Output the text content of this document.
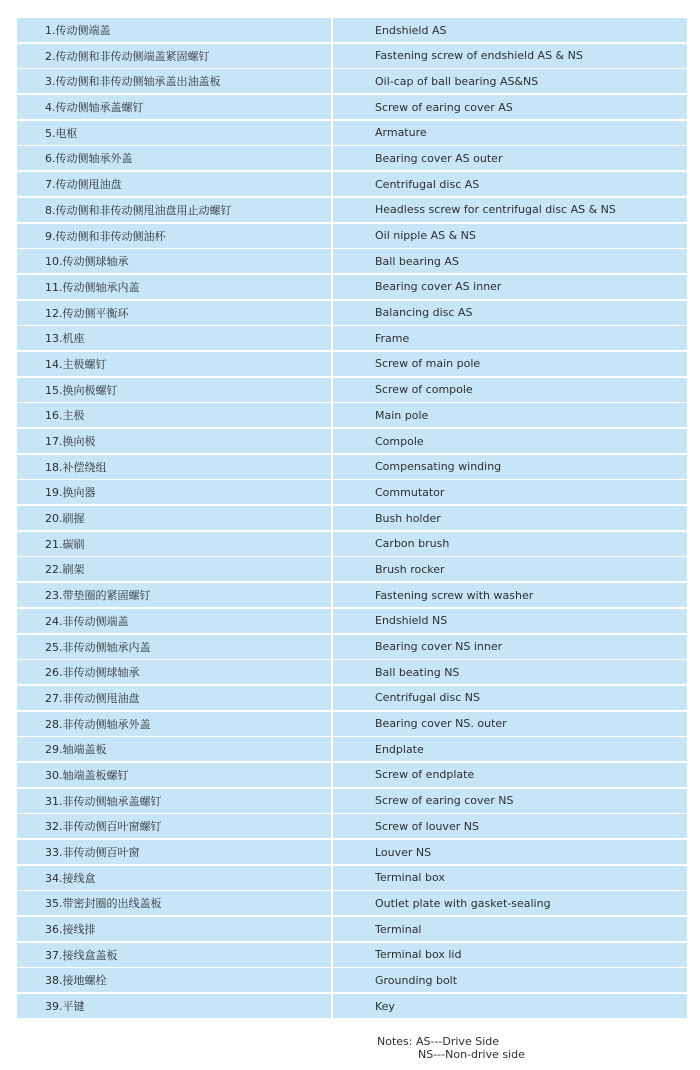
1.传动侧端盖	Endshield AS
2.传动侧和非传动侧端盖紧固螺钉	Fastening screw of endshield AS & NS
3.传动侧和非传动侧轴承盖出油盖板	Oil-cap of ball bearing AS&NS
4.传动侧轴承盖螺钉	Screw of earing cover AS
5.电枢	Armature
6.传动侧轴承外盖	Bearing cover AS outer
7.传动侧甩油盘	Centrifugal disc AS
8.传动侧和非传动侧甩油盘用止动螺钉	Headless screw for centrifugal disc AS & NS
9.传动侧和非传动侧油杯	Oil nipple AS & NS
10.传动侧球轴承	Ball bearing AS
11.传动侧轴承内盖	Bearing cover AS inner
12.传动侧平衡环	Balancing disc AS
13.机座	Frame
14.主极螺钉	Screw of main pole
15.换向极螺钉	Screw of compole
16.主极	Main pole
17.换向极	Compole
18.补偿绕组	Compensating winding
19.换向器	Commutator
20.刷握	Bush holder
21.碳刷	Carbon brush
22.刷架	Brush rocker
23.带垫圈的紧固螺钉	Fastening screw with washer
24.非传动侧端盖	Endshield NS
25.非传动侧轴承内盖	Bearing cover NS inner
26.非传动侧球轴承	Ball beating NS
27.非传动侧甩油盘	Centrifugal disc NS
28.非传动侧轴承外盖	Bearing cover NS. outer
29.轴端盖板	Endplate
30.轴端盖板螺钉	Screw of endplate
31.非传动侧轴承盖螺钉	Screw of earing cover NS
32.非传动侧百叶窗螺钉	Screw of louver NS
33.非传动侧百叶窗	Louver NS
34.接线盒	Terminal box
35.带密封圈的出线盖板	Outlet plate with gasket-sealing
36.接线排	Terminal
37.接线盒盖板	Terminal box lid
38.接地螺栓	Grounding bolt
39.平键	Key
Notes: AS---Drive Side
NS---Non-drive side
